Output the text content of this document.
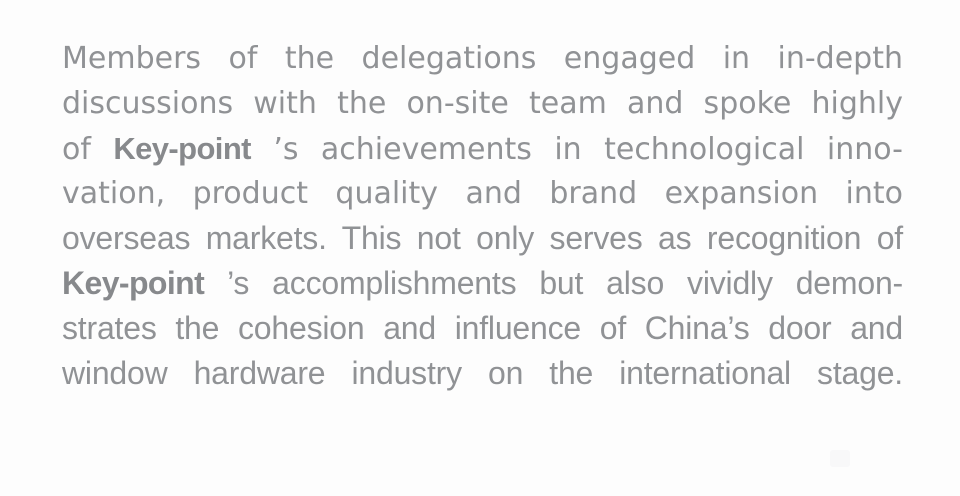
Members of the delegations engaged in in-depth
discussions with the on-site team and spoke highly
of Key-point ’s achievements in technological inno-
vation, product quality and brand expansion into
overseas markets. This not only serves as recognition of
Key-point ’s accomplishments but also vividly demon-
strates the cohesion and influence of China’s door and
window hardware industry on the international stage.
